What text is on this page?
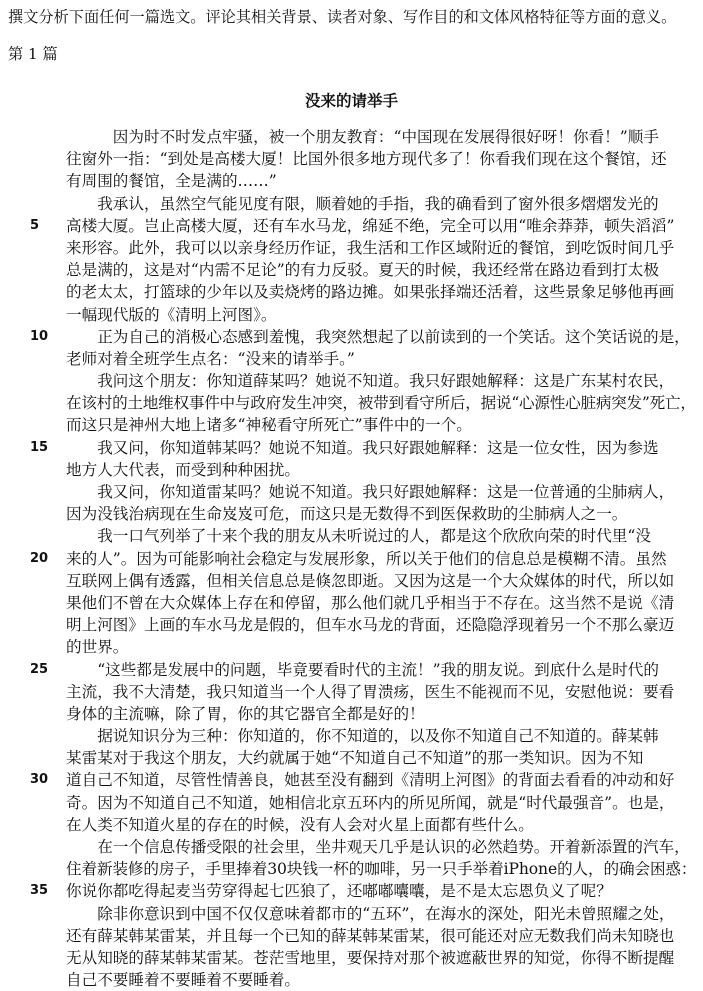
撰文分析下面任何一篇选文。评论其相关背景、读者对象、写作目的和文体风格特征等方面的意义。
第 1 篇
没来的请举手
因为时不时发点牢骚，被一个朋友教育：“中国现在发展得很好呀！你看！”顺手
往窗外一指：“到处是高楼大厦！比国外很多地方现代多了！你看我们现在这个餐馆，还
有周围的餐馆，全是满的……”
我承认，虽然空气能见度有限，顺着她的手指，我的确看到了窗外很多熠熠发光的
5	高楼大厦。岂止高楼大厦，还有车水马龙，绵延不绝，完全可以用“唯余莽莽，顿失滔滔”
来形容。此外，我可以以亲身经历作证，我生活和工作区域附近的餐馆，到吃饭时间几乎
总是满的，这是对“内需不足论”的有力反驳。夏天的时候，我还经常在路边看到打太极
的老太太，打篮球的少年以及卖烧烤的路边摊。如果张择端还活着，这些景象足够他再画
一幅现代版的《清明上河图》。
10	正为自己的消极心态感到羞愧，我突然想起了以前读到的一个笑话。这个笑话说的是，
老师对着全班学生点名：“没来的请举手。”
我问这个朋友：你知道薛某吗？她说不知道。我只好跟她解释：这是广东某村农民，
在该村的土地维权事件中与政府发生冲突，被带到看守所后，据说“心源性心脏病突发”死亡，
而这只是神州大地上诸多“神秘看守所死亡”事件中的一个。
15	我又问，你知道韩某吗？她说不知道。我只好跟她解释：这是一位女性，因为参选
地方人大代表，而受到种种困扰。
我又问，你知道雷某吗？她说不知道。我只好跟她解释：这是一位普通的尘肺病人，
因为没钱治病现在生命岌岌可危，而这只是无数得不到医保救助的尘肺病人之一。
我一口气列举了十来个我的朋友从未听说过的人，都是这个欣欣向荣的时代里“没
20	来的人”。因为可能影响社会稳定与发展形象，所以关于他们的信息总是模糊不清。虽然
互联网上偶有透露，但相关信息总是倏忽即逝。又因为这是一个大众媒体的时代，所以如
果他们不曾在大众媒体上存在和停留，那么他们就几乎相当于不存在。这当然不是说《清
明上河图》上画的车水马龙是假的，但车水马龙的背面，还隐隐浮现着另一个不那么豪迈
的世界。
25	“这些都是发展中的问题，毕竟要看时代的主流！”我的朋友说。到底什么是时代的
主流，我不大清楚，我只知道当一个人得了胃溃疡，医生不能视而不见，安慰他说：要看
身体的主流嘛，除了胃，你的其它器官全都是好的！
据说知识分为三种：你知道的，你不知道的，以及你不知道自己不知道的。薛某韩
某雷某对于我这个朋友，大约就属于她“不知道自己不知道”的那一类知识。因为不知
30	道自己不知道，尽管性情善良，她甚至没有翻到《清明上河图》的背面去看看的冲动和好
奇。因为不知道自己不知道，她相信北京五环内的所见所闻，就是“时代最强音”。也是，
在人类不知道火星的存在的时候，没有人会对火星上面都有些什么。
在一个信息传播受限的社会里，坐井观天几乎是认识的必然趋势。开着新添置的汽车，
住着新装修的房子，手里捧着30块钱一杯的咖啡，另一只手举着iPhone的人，的确会困惑：
35	你说你都吃得起麦当劳穿得起七匹狼了，还嘟嘟囔囔，是不是太忘恩负义了呢？
除非你意识到中国不仅仅意味着都市的“五环”，在海水的深处，阳光未曾照耀之处，
还有薛某韩某雷某，并且每一个已知的薛某韩某雷某，很可能还对应无数我们尚未知晓也
无从知晓的薛某韩某雷某。苍茫雪地里，要保持对那个被遮蔽世界的知觉，你得不断提醒
自己不要睡着不要睡着不要睡着。
